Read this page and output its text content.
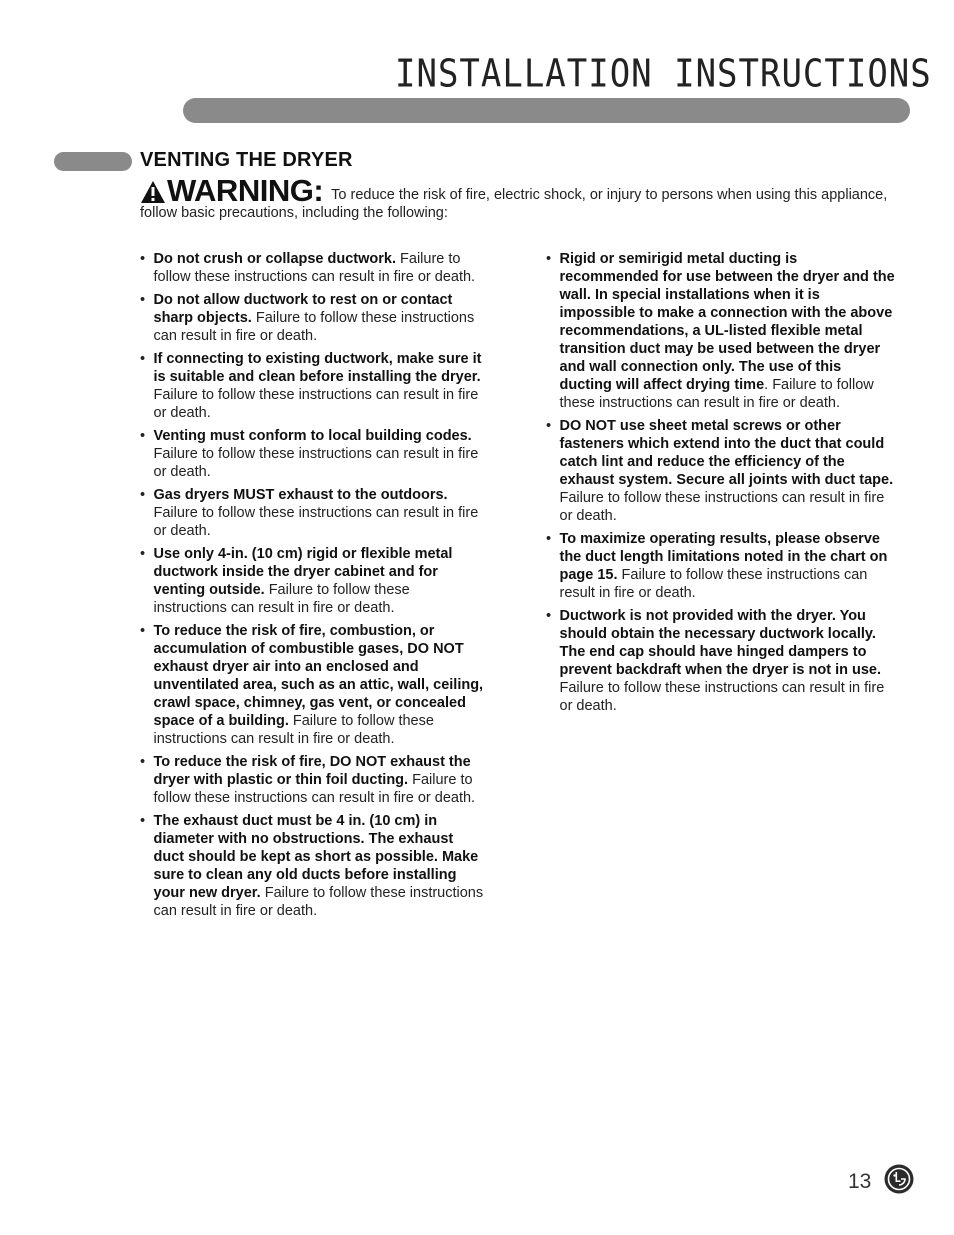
INSTALLATION INSTRUCTIONS
VENTING THE DRYER
WARNING: To reduce the risk of fire, electric shock, or injury to persons when using this appliance, follow basic precautions, including the following:
• Do not crush or collapse ductwork. Failure to follow these instructions can result in fire or death.
• Do not allow ductwork to rest on or contact sharp objects. Failure to follow these instructions can result in fire or death.
• If connecting to existing ductwork, make sure it is suitable and clean before installing the dryer. Failure to follow these instructions can result in fire or death.
• Venting must conform to local building codes. Failure to follow these instructions can result in fire or death.
• Gas dryers MUST exhaust to the outdoors. Failure to follow these instructions can result in fire or death.
• Use only 4-in. (10 cm) rigid or flexible metal ductwork inside the dryer cabinet and for venting outside. Failure to follow these instructions can result in fire or death.
• To reduce the risk of fire, combustion, or accumulation of combustible gases, DO NOT exhaust dryer air into an enclosed and unventilated area, such as an attic, wall, ceiling, crawl space, chimney, gas vent, or concealed space of a building. Failure to follow these instructions can result in fire or death.
• To reduce the risk of fire, DO NOT exhaust the dryer with plastic or thin foil ducting. Failure to follow these instructions can result in fire or death.
• The exhaust duct must be 4 in. (10 cm) in diameter with no obstructions. The exhaust duct should be kept as short as possible. Make sure to clean any old ducts before installing your new dryer. Failure to follow these instructions can result in fire or death.
• Rigid or semirigid metal ducting is recommended for use between the dryer and the wall. In special installations when it is impossible to make a connection with the above recommendations, a UL-listed flexible metal transition duct may be used between the dryer and wall connection only. The use of this ducting will affect drying time. Failure to follow these instructions can result in fire or death.
• DO NOT use sheet metal screws or other fasteners which extend into the duct that could catch lint and reduce the efficiency of the exhaust system. Secure all joints with duct tape. Failure to follow these instructions can result in fire or death.
• To maximize operating results, please observe the duct length limitations noted in the chart on page 15. Failure to follow these instructions can result in fire or death.
• Ductwork is not provided with the dryer. You should obtain the necessary ductwork locally. The end cap should have hinged dampers to prevent backdraft when the dryer is not in use. Failure to follow these instructions can result in fire or death.
13
